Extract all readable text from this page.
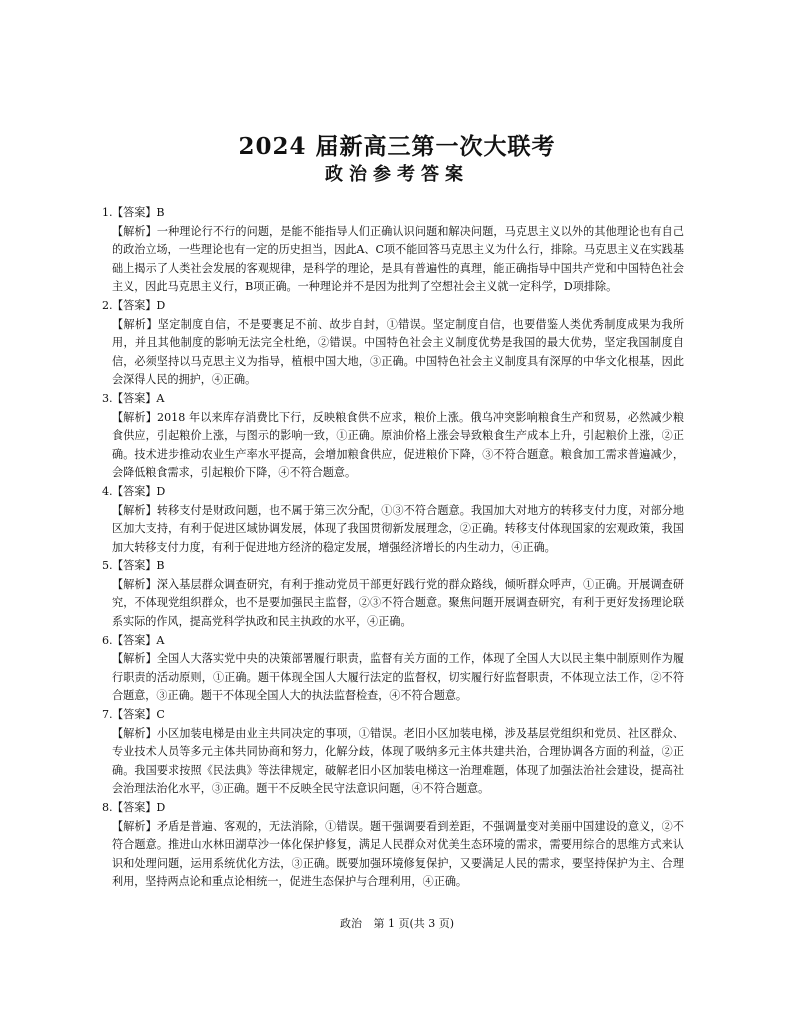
2024 届新高三第一次大联考
政治参考答案
1.【答案】B
【解析】一种理论行不行的问题，是能不能指导人们正确认识问题和解决问题，马克思主义以外的其他理论也有自己的政治立场，一些理论也有一定的历史担当，因此A、C项不能回答马克思主义为什么行，排除。马克思主义在实践基础上揭示了人类社会发展的客观规律，是科学的理论，是具有普遍性的真理，能正确指导中国共产党和中国特色社会主义，因此马克思主义行，B项正确。一种理论并不是因为批判了空想社会主义就一定科学，D项排除。
2.【答案】D
【解析】坚定制度自信，不是要裹足不前、故步自封，①错误。坚定制度自信，也要借鉴人类优秀制度成果为我所用，并且其他制度的影响无法完全杜绝，②错误。中国特色社会主义制度优势是我国的最大优势，坚定我国制度自信，必须坚持以马克思主义为指导，植根中国大地，③正确。中国特色社会主义制度具有深厚的中华文化根基，因此会深得人民的拥护，④正确。
3.【答案】A
【解析】2018 年以来库存消费比下行，反映粮食供不应求，粮价上涨。俄乌冲突影响粮食生产和贸易，必然减少粮食供应，引起粮价上涨，与图示的影响一致，①正确。原油价格上涨会导致粮食生产成本上升，引起粮价上涨，②正确。技术进步推动农业生产率水平提高，会增加粮食供应，促进粮价下降，③不符合题意。粮食加工需求普遍减少，会降低粮食需求，引起粮价下降，④不符合题意。
4.【答案】D
【解析】转移支付是财政问题，也不属于第三次分配，①③不符合题意。我国加大对地方的转移支付力度，对部分地区加大支持，有利于促进区域协调发展，体现了我国贯彻新发展理念，②正确。转移支付体现国家的宏观政策，我国加大转移支付力度，有利于促进地方经济的稳定发展，增强经济增长的内生动力，④正确。
5.【答案】B
【解析】深入基层群众调查研究，有利于推动党员干部更好践行党的群众路线，倾听群众呼声，①正确。开展调查研究，不体现党组织群众，也不是要加强民主监督，②③不符合题意。聚焦问题开展调查研究，有利于更好发扬理论联系实际的作风，提高党科学执政和民主执政的水平，④正确。
6.【答案】A
【解析】全国人大落实党中央的决策部署履行职责，监督有关方面的工作，体现了全国人大以民主集中制原则作为履行职责的活动原则，①正确。题干体现全国人大履行法定的监督权，切实履行好监督职责，不体现立法工作，②不符合题意，③正确。题干不体现全国人大的执法监督检查，④不符合题意。
7.【答案】C
【解析】小区加装电梯是由业主共同决定的事项，①错误。老旧小区加装电梯，涉及基层党组织和党员、社区群众、专业技术人员等多元主体共同协商和努力，化解分歧，体现了吸纳多元主体共建共治，合理协调各方面的利益，②正确。我国要求按照《民法典》等法律规定，破解老旧小区加装电梯这一治理难题，体现了加强法治社会建设，提高社会治理法治化水平，③正确。题干不反映全民守法意识问题，④不符合题意。
8.【答案】D
【解析】矛盾是普遍、客观的，无法消除，①错误。题干强调要看到差距，不强调量变对美丽中国建设的意义，②不符合题意。推进山水林田湖草沙一体化保护修复，满足人民群众对优美生态环境的需求，需要用综合的思维方式来认识和处理问题，运用系统优化方法，③正确。既要加强环境修复保护，又要满足人民的需求，要坚持保护为主、合理利用，坚持两点论和重点论相统一，促进生态保护与合理利用，④正确。
政治 第 1 页(共 3 页)
